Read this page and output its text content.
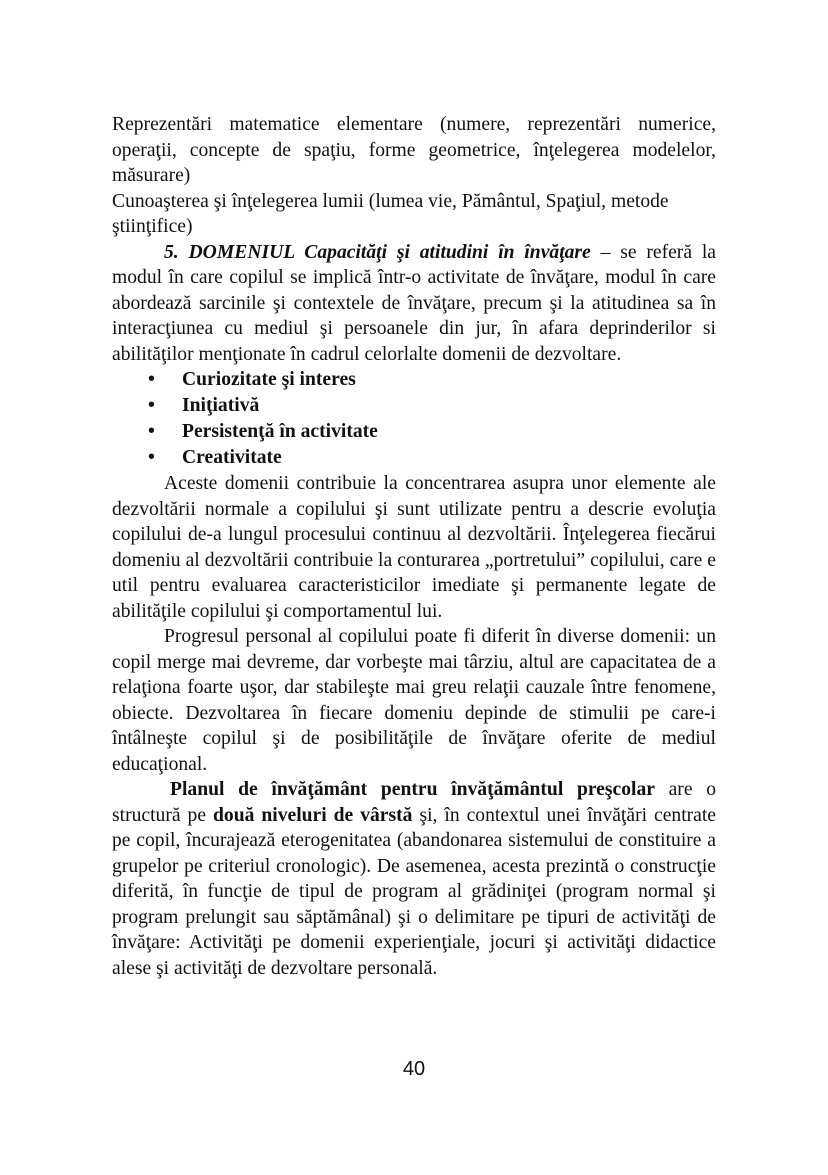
Reprezentări matematice elementare (numere, reprezentări numerice, operaţii, concepte de spaţiu, forme geometrice, înţelegerea modelelor, măsurare)

Cunoaşterea şi înţelegerea lumii (lumea vie, Pământul, Spaţiul, metode ştiinţifice)

5. DOMENIUL Capacităţi şi atitudini în învăţare – se referă la modul în care copilul se implică într-o activitate de învăţare, modul în care abordează sarcinile şi contextele de învăţare, precum şi la atitudinea sa în interacţiunea cu mediul şi persoanele din jur, în afara deprinderilor si abilităţilor menţionate în cadrul celorlalte domenii de dezvoltare.

• Curiozitate şi interes
• Iniţiativă
• Persistenţă în activitate
• Creativitate

Aceste domenii contribuie la concentrarea asupra unor elemente ale dezvoltării normale a copilului şi sunt utilizate pentru a descrie evoluţia copilului de-a lungul procesului continuu al dezvoltării. Înţelegerea fiecărui domeniu al dezvoltării contribuie la conturarea „portretului” copilului, care e util pentru evaluarea caracteristicilor imediate şi permanente legate de abilităţile copilului şi comportamentul lui.

Progresul personal al copilului poate fi diferit în diverse domenii: un copil merge mai devreme, dar vorbeşte mai târziu, altul are capacitatea de a relaţiona foarte uşor, dar stabileşte mai greu relaţii cauzale între fenomene, obiecte. Dezvoltarea în fiecare domeniu depinde de stimulii pe care-i întâlneşte copilul şi de posibilităţile de învăţare oferite de mediul educaţional.

Planul de învăţământ pentru învăţământul preşcolar are o structură pe două niveluri de vârstă şi, în contextul unei învăţări centrate pe copil, încurajează eterogenitatea (abandonarea sistemului de constituire a grupelor pe criteriul cronologic). De asemenea, acesta prezintă o construcţie diferită, în funcţie de tipul de program al grădiniţei (program normal şi program prelungit sau săptămânal) şi o delimitare pe tipuri de activităţi de învăţare: Activităţi pe domenii experienţiale, jocuri şi activităţi didactice alese şi activităţi de dezvoltare personală.

40
